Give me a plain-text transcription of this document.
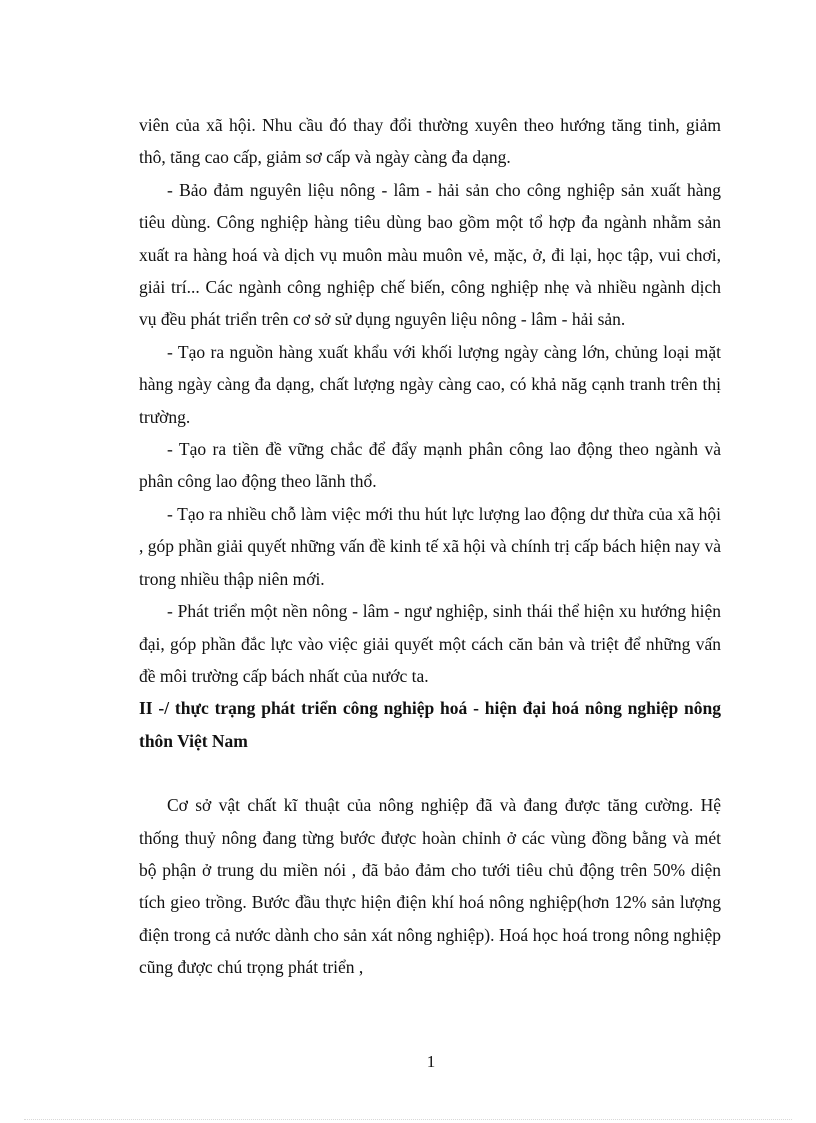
viên của xã hội. Nhu cầu đó thay đổi thường xuyên theo hướng tăng tinh, giảm thô, tăng cao cấp, giảm sơ cấp và ngày càng đa dạng.

- Bảo đảm nguyên liệu nông - lâm - hải sản cho công nghiệp sản xuất hàng tiêu dùng. Công nghiệp hàng tiêu dùng bao gồm một tổ hợp đa ngành nhằm sản xuất ra hàng hoá và dịch vụ muôn màu muôn vẻ, mặc, ở, đi lại, học tập, vui chơi, giải trí... Các ngành công nghiệp chế biến, công nghiệp nhẹ và nhiều ngành dịch vụ đều phát triển trên cơ sở sử dụng nguyên liệu nông - lâm - hải sản.

- Tạo ra nguồn hàng xuất khẩu với khối lượng ngày càng lớn, chủng loại mặt hàng ngày càng đa dạng, chất lượng ngày càng cao, có khả năg cạnh tranh trên thị trường.

- Tạo ra tiền đề vững chắc để đẩy mạnh phân công lao động theo ngành và phân công lao động theo lãnh thổ.

- Tạo ra nhiều chỗ làm việc mới thu hút lực lượng lao động dư thừa của xã hội , góp phần giải quyết những vấn đề kinh tế xã hội và chính trị cấp bách hiện nay và trong nhiều thập niên mới.

- Phát triển một nền nông - lâm - ngư nghiệp, sinh thái thể hiện xu hướng hiện đại, góp phần đắc lực vào việc giải quyết một cách căn bản và triệt để những vấn đề môi trường cấp bách nhất của nước ta.

II -/ thực trạng phát triển công nghiệp hoá - hiện đại hoá nông nghiệp nông thôn Việt Nam

Cơ sở vật chất kĩ thuật của nông nghiệp đã và đang được tăng cường. Hệ thống thuỷ nông đang từng bước được hoàn chỉnh ở các vùng đồng bằng và mét bộ phận ở trung du miền nói , đã bảo đảm cho tưới tiêu chủ động trên 50% diện tích gieo trồng. Bước đầu thực hiện điện khí hoá nông nghiệp(hơn 12% sản lượng điện trong cả nước dành cho sản xát nông nghiệp). Hoá học hoá trong nông nghiệp cũng được chú trọng phát triển ,

1
